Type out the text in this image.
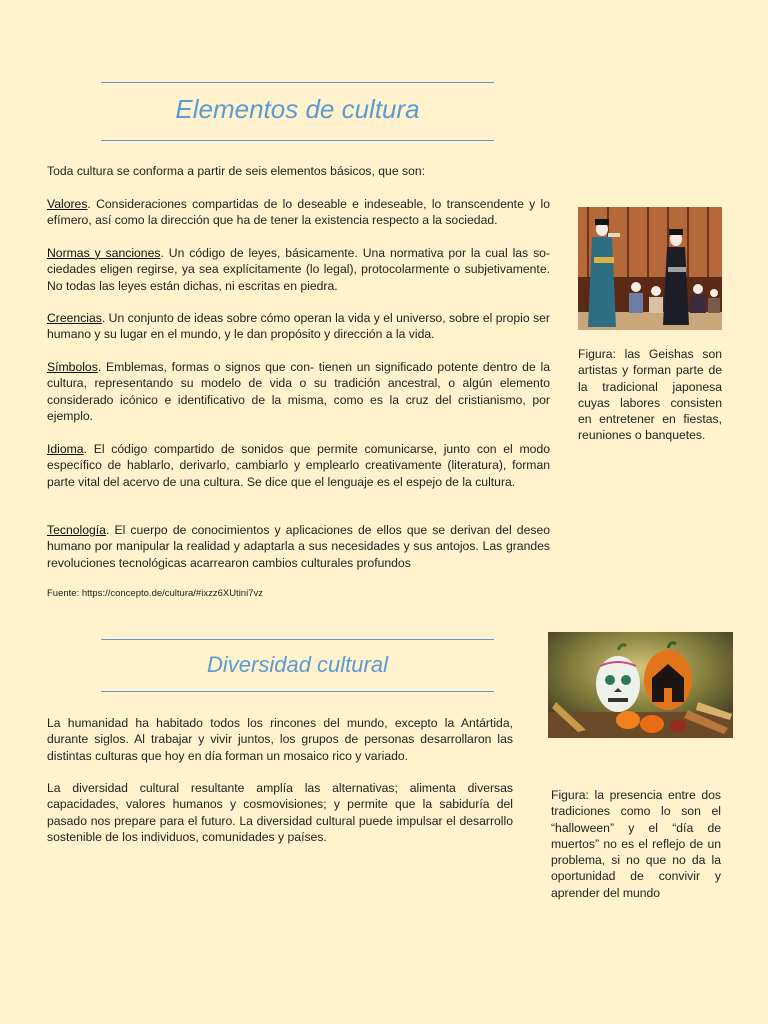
Elementos de cultura
Toda cultura se conforma a partir de seis elementos básicos, que son:

Valores. Consideraciones compartidas de lo deseable e indeseable, lo transcendente y lo efímero, así como la dirección que ha de tener la existencia respecto a la sociedad.

Normas y sanciones. Un código de leyes, básicamente. Una normativa por la cual las so-ciedades eligen regirse, ya sea explícitamente (lo legal), protocolarmente o subjetivamente. No todas las leyes están dichas, ni escritas en piedra.

Creencias. Un conjunto de ideas sobre cómo operan la vida y el universo, sobre el propio ser humano y su lugar en el mundo, y le dan propósito y dirección a la vida.

Símbolos. Emblemas, formas o signos que con- tienen un significado potente dentro de la cultura, representando su modelo de vida o su tradición ancestral, o algún elemento considerado icónico e identificativo de la misma, como es la cruz del cristianismo, por ejemplo.

Idioma. El código compartido de sonidos que permite comunicarse, junto con el modo específico de hablarlo, derivarlo, cambiarlo y emplearlo creativamente (literatura), forman parte vital del acervo de una cultura. Se dice que el lenguaje es el espejo de la cultura.

Tecnología. El cuerpo de conocimientos y aplicaciones de ellos que se derivan del deseo humano por manipular la realidad y adaptarla a sus necesidades y sus antojos. Las grandes revoluciones tecnológicas acarrearon cambios culturales profundos

Fuente: https://concepto.de/cultura/#ixzz6XUtini7vz
Figura: las Geishas son artistas y forman parte de la tradicional japonesa cuyas labores consisten en entretener en fiestas, reuniones o banquetes.
Diversidad cultural
La humanidad ha habitado todos los rincones del mundo, excepto la Antártida, durante siglos. Al trabajar y vivir juntos, los grupos de personas desarrollaron las distintas culturas que hoy en día forman un mosaico rico y variado.
La diversidad cultural resultante amplía las alternativas; alimenta diversas capacidades, valores humanos y cosmovisiones; y permite que la sabiduría del pasado nos prepare para el futuro. La diversidad cultural puede impulsar el desarrollo sostenible de los individuos, comunidades y países.
Figura: la presencia entre dos tradiciones como lo son el “halloween” y el “día de muertos” no es el reflejo de un problema, si no que no da la oportunidad de convivir y aprender del mundo
